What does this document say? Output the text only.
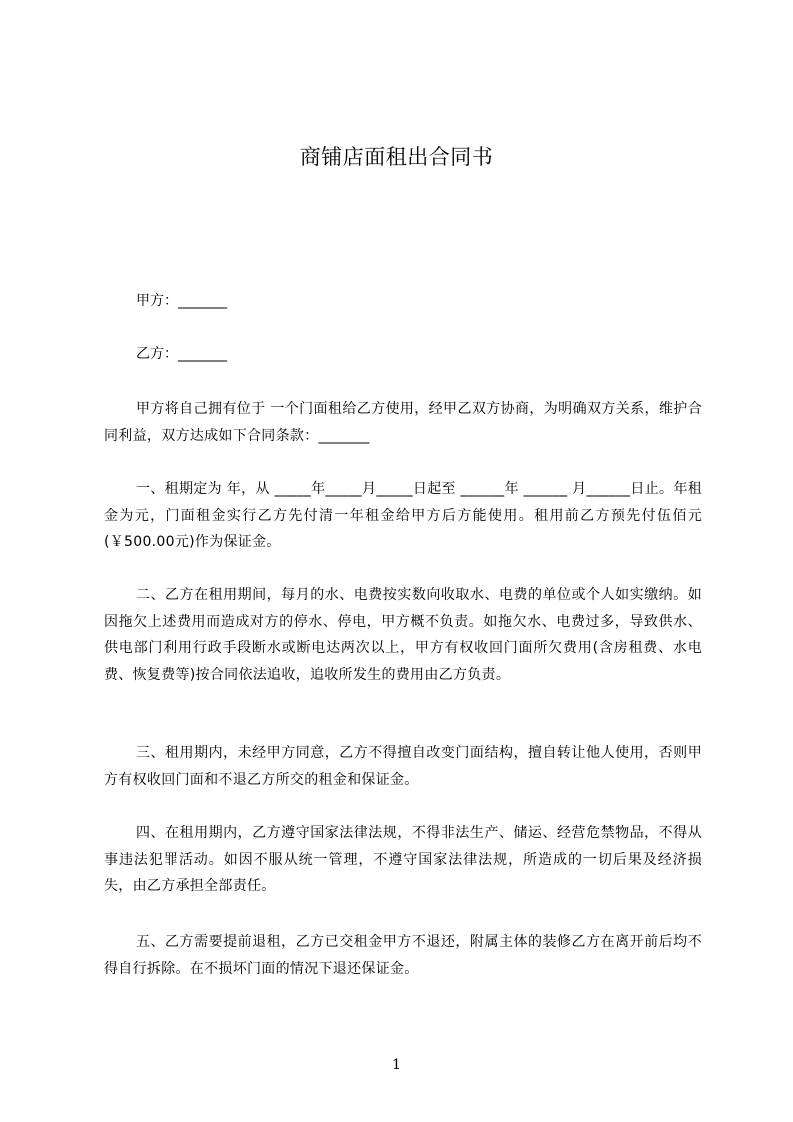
商铺店面租出合同书
甲方：_______
乙方：_______
甲方将自己拥有位于 一个门面租给乙方使用，经甲乙双方协商，为明确双方关系，维护合同利益，双方达成如下合同条款：_______
一、租期定为 年，从 _____年_____月_____日起至 ______年 ______ 月______日止。年租金为元，门面租金实行乙方先付清一年租金给甲方后方能使用。租用前乙方预先付伍佰元(￥500.00元)作为保证金。
二、乙方在租用期间，每月的水、电费按实数向收取水、电费的单位或个人如实缴纳。如因拖欠上述费用而造成对方的停水、停电，甲方概不负责。如拖欠水、电费过多，导致供水、供电部门利用行政手段断水或断电达两次以上，甲方有权收回门面所欠费用(含房租费、水电费、恢复费等)按合同依法追收，追收所发生的费用由乙方负责。
三、租用期内，未经甲方同意，乙方不得擅自改变门面结构，擅自转让他人使用，否则甲方有权收回门面和不退乙方所交的租金和保证金。
四、在租用期内，乙方遵守国家法律法规，不得非法生产、储运、经营危禁物品，不得从事违法犯罪活动。如因不服从统一管理，不遵守国家法律法规，所造成的一切后果及经济损失，由乙方承担全部责任。
五、乙方需要提前退租，乙方已交租金甲方不退还，附属主体的装修乙方在离开前后均不得自行拆除。在不损坏门面的情况下退还保证金。
1
